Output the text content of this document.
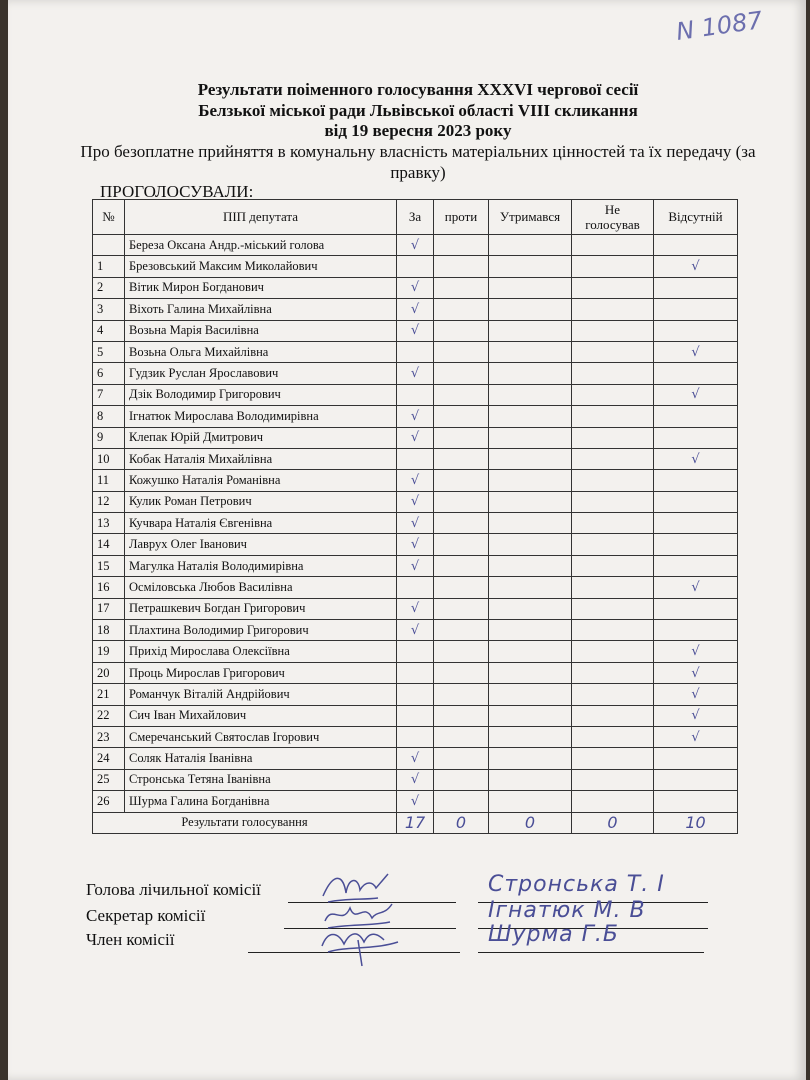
N 1087
Результати поіменного голосування XXXVI чергової сесії
Белзької міської ради Львівської області VIII скликання
від 19 вересня 2023 року
Про безоплатне прийняття в комунальну власність матеріальних цінностей та їх передачу (за правку)
ПРОГОЛОСУВАЛИ:
№	ПІП депутата	За	проти	Утримався	Не голосував	Відсутній
	Береза Оксана Андр.-міський голова	√				
1	Брезовський Максим Миколайович					√
2	Вітик Мирон Богданович	√				
3	Віхоть Галина Михайлівна	√				
4	Возьна Марія Василівна	√				
5	Возьна Ольга Михайлівна					√
6	Гудзик Руслан Ярославович	√				
7	Дзік Володимир Григорович					√
8	Ігнатюк Мирослава Володимирівна	√				
9	Клепак Юрій Дмитрович	√				
10	Кобак Наталія Михайлівна					√
11	Кожушко Наталія Романівна	√				
12	Кулик Роман Петрович	√				
13	Кучвара Наталія Євгенівна	√				
14	Лаврух Олег Іванович	√				
15	Магулка Наталія Володимирівна	√				
16	Осміловська Любов Василівна					√
17	Петрашкевич Богдан Григорович	√				
18	Плахтина Володимир Григорович	√				
19	Прихід Мирослава Олексіївна					√
20	Проць Мирослав Григорович					√
21	Романчук Віталій Андрійович					√
22	Сич Іван Михайлович					√
23	Смеречанський Святослав Ігорович					√
24	Соляк Наталія Іванівна	√				
25	Стронська Тетяна Іванівна	√				
26	Шурма Галина Богданівна	√				
Результати голосування		17	0	0	0	10
Голова лічильної комісії	Стронська Т. І
Секретар комісії	Ігнатюк М. В
Член комісії	Шурма Г.Б
